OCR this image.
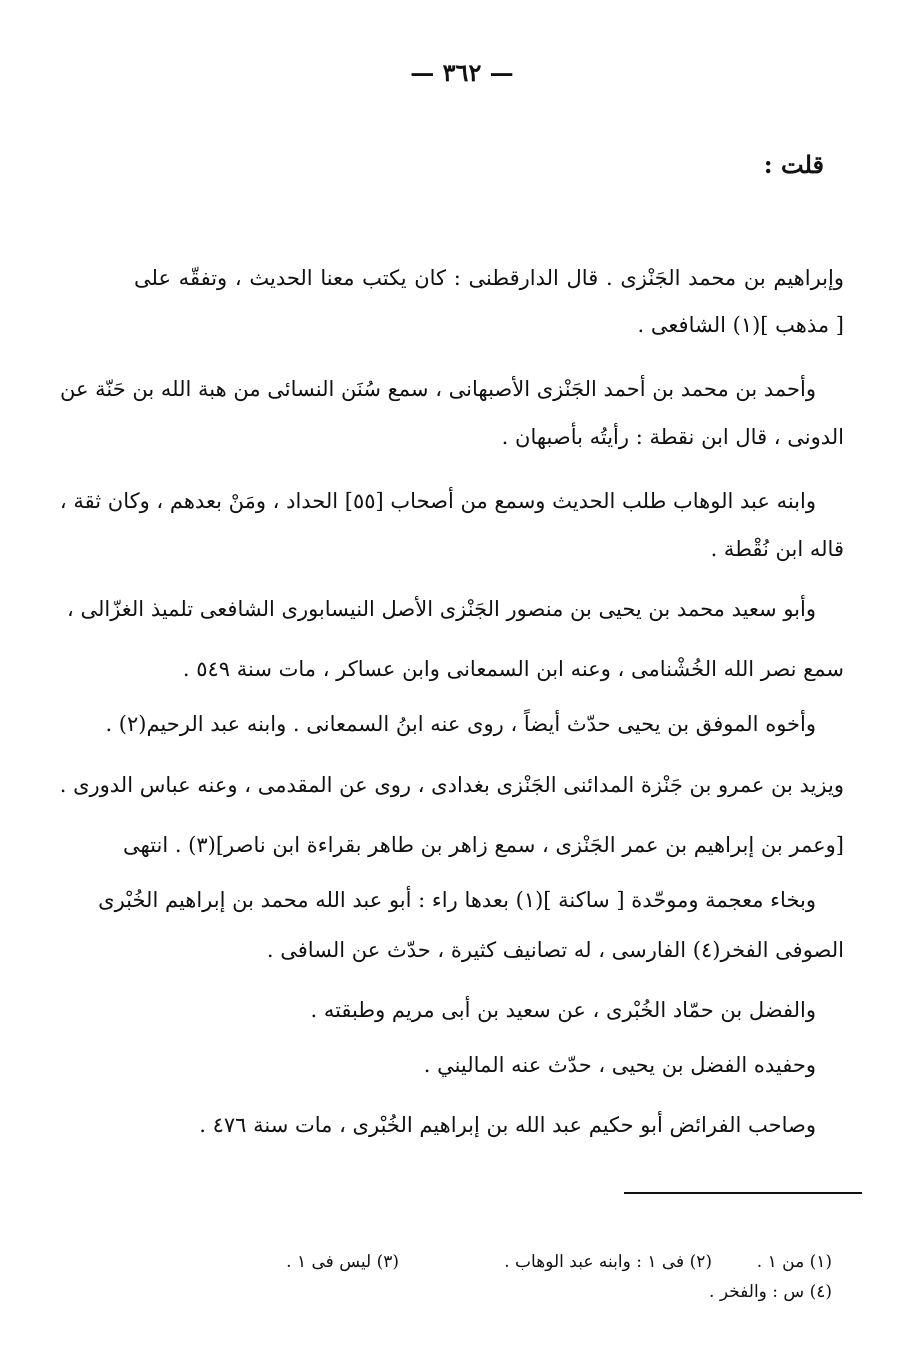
— ٣٦٢ —
قلت :
وإبراهيم بن محمد الجَنْزى . قال الدارقطنى : كان يكتب معنا الحديث ، وتفقّه على
[ مذهب ](١) الشافعى .
وأحمد بن محمد بن أحمد الجَنْزى الأصبهانى ، سمع سُنَن النسائى من هبة الله بن حَنّة عن
الدونى ، قال ابن نقطة : رأيتُه بأصبهان .
وابنه عبد الوهاب طلب الحديث وسمع من أصحاب [٥٥] الحداد ، ومَنْ بعدهم ، وكان ثقة ،
قاله ابن نُقْطة .
وأبو سعيد محمد بن يحيى بن منصور الجَنْزى الأصل النيسابورى الشافعى تلميذ الغزّالى ،
سمع نصر الله الخُشْنامى ، وعنه ابن السمعانى وابن عساكر ، مات سنة ٥٤٩ .
وأخوه الموفق بن يحيى حدّث أيضاً ، روى عنه ابنُ السمعانى . وابنه عبد الرحيم(٢) .
ويزيد بن عمرو بن جَنْزة المدائنى الجَنْزى بغدادى ، روى عن المقدمى ، وعنه عباس الدورى .
[وعمر بن إبراهيم بن عمر الجَنْزى ، سمع زاهر بن طاهر بقراءة ابن ناصر](٣) . انتهى
وبخاء معجمة وموحّدة [ ساكنة ](١) بعدها راء : أبو عبد الله محمد بن إبراهيم الخُبْرى
الصوفى الفخر(٤) الفارسى ، له تصانيف كثيرة ، حدّث عن السافى .
والفضل بن حمّاد الخُبْرى ، عن سعيد بن أبى مريم وطبقته .
وحفيده الفضل بن يحيى ، حدّث عنه الماليني .
وصاحب الفرائض أبو حكيم عبد الله بن إبراهيم الخُبْرى ، مات سنة ٤٧٦ .
(١) من ١ .
(٢) فى ١ : وابنه عبد الوهاب .
(٣) ليس فى ١ .
(٤) س : والفخر .
